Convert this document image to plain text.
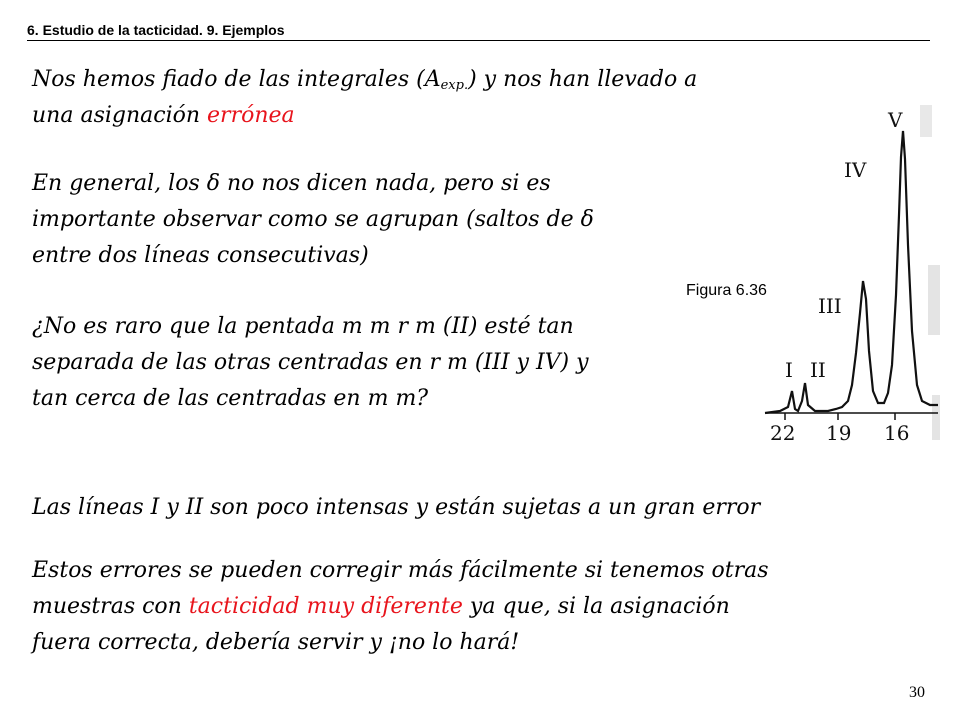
6. Estudio de la tacticidad. 9. Ejemplos

Nos hemos fiado de las integrales $(A_{exp.})$ y nos han llevado a
una asignación errónea

En general, los δ no nos dicen nada, pero si es
importante observar como se agrupan (saltos de δ
entre dos líneas consecutivas)

¿No es raro que la pentada m m r m (II) esté tan
separada de las otras centradas en r m (III y IV) y
tan cerca de las centradas en m m?

Las líneas I y II son poco intensas y están sujetas a un gran error

Estos errores se pueden corregir más fácilmente si tenemos otras
muestras con tacticidad muy diferente ya que, si la asignación
fuera correcta, debería servir y ¡no lo hará!

Figura 6.36
V
IV
III
I II
22 19 16
30
